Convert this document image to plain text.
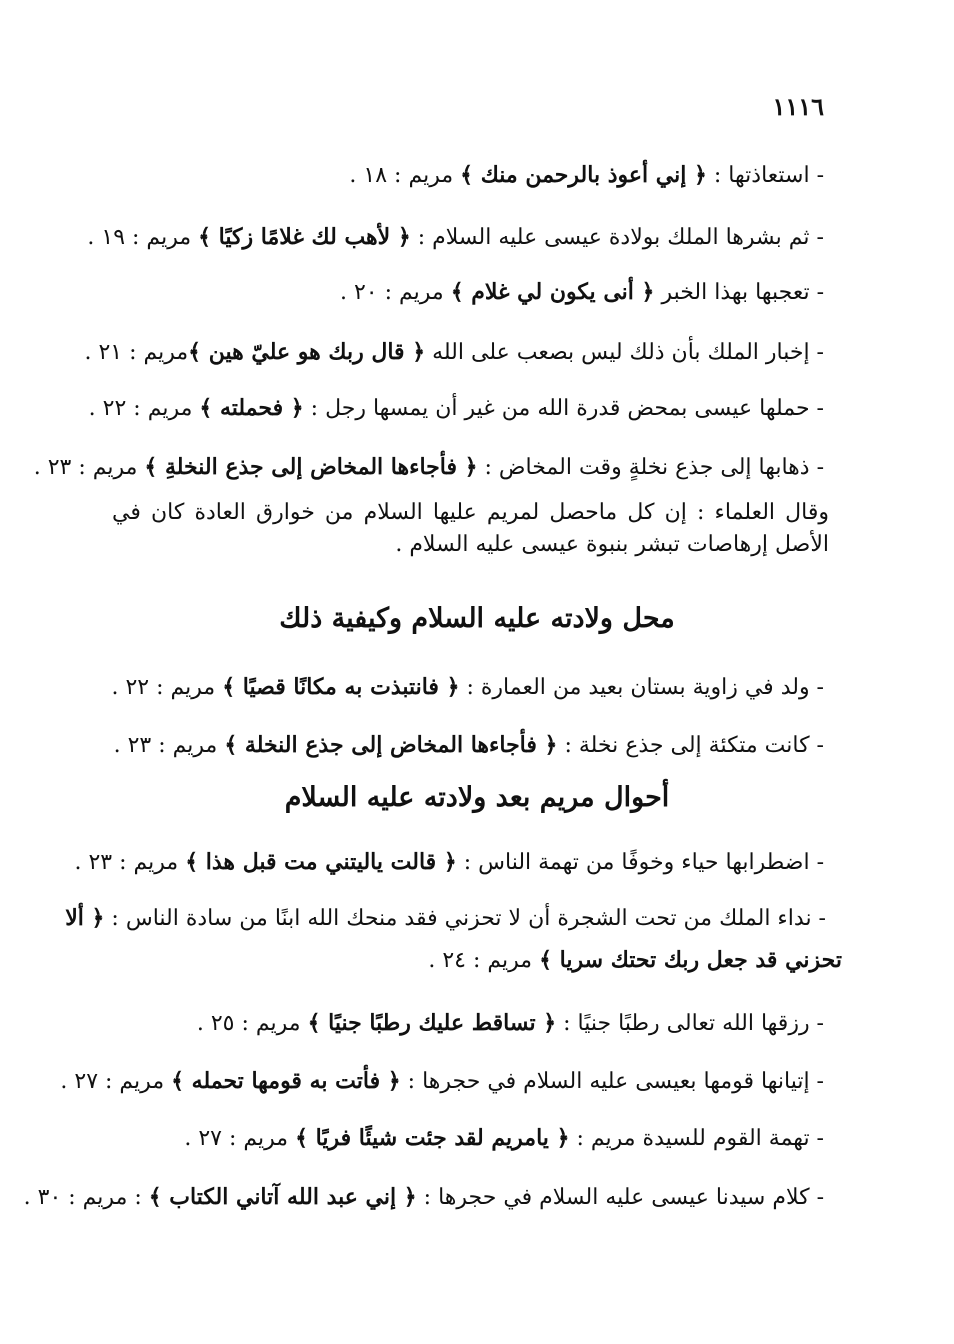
١١١٦
- استعاذتها : ﴿ إني أعوذ بالرحمن منك ﴾ مريم : ١٨ .
- ثم بشرها الملك بولادة عيسى عليه السلام : ﴿ لأهب لك غلامًا زكيًا ﴾ مريم : ١٩ .
- تعجبها بهذا الخبر ﴿ أنى يكون لي غلام ﴾ مريم : ٢٠ .
- إخبار الملك بأن ذلك ليس بصعب على الله ﴿ قال ربك هو عليّ هين ﴾مريم : ٢١ .
- حملها عيسى بمحض قدرة الله من غير أن يمسها رجل : ﴿ فحملته ﴾ مريم : ٢٢ .
- ذهابها إلى جذع نخلةٍ وقت المخاض : ﴿ فأجاءها المخاض إلى جذع النخلةِ ﴾ مريم : ٢٣ .
وقال العلماء : إن كل ماحصل لمريم عليها السلام من خوارق العادة كان في الأصل إرهاصات تبشر بنبوة عيسى عليه السلام .
محل ولادته عليه السلام وكيفية ذلك
- ولد في زاوية بستان بعيد من العمارة : ﴿ فانتبذت به مكانًا قصيًا ﴾ مريم : ٢٢ .
- كانت متكئة إلى جذع نخلة : ﴿ فأجاءها المخاض إلى جذع النخلة ﴾ مريم : ٢٣ .
أحوال مريم بعد ولادته عليه السلام
- اضطرابها حياء وخوفًا من تهمة الناس : ﴿ قالت ياليتني مت قبل هذا ﴾ مريم : ٢٣ .
- نداء الملك من تحت الشجرة أن لا تحزني فقد منحك الله ابنًا من سادة الناس : ﴿ ألا
تحزني قد جعل ربك تحتك سريا ﴾ مريم : ٢٤ .
- رزقها الله تعالى رطبًا جنيًا : ﴿ تساقط عليك رطبًا جنيًا ﴾ مريم : ٢٥ .
- إتيانها قومها بعيسى عليه السلام في حجرها : ﴿ فأتت به قومها تحمله ﴾ مريم : ٢٧ .
- تهمة القوم للسيدة مريم : ﴿ يامريم لقد جئت شيئًا فريًا ﴾ مريم : ٢٧ .
- كلام سيدنا عيسى عليه السلام في حجرها : ﴿ إني عبد الله آتاني الكتاب ﴾ : مريم : ٣٠ .
